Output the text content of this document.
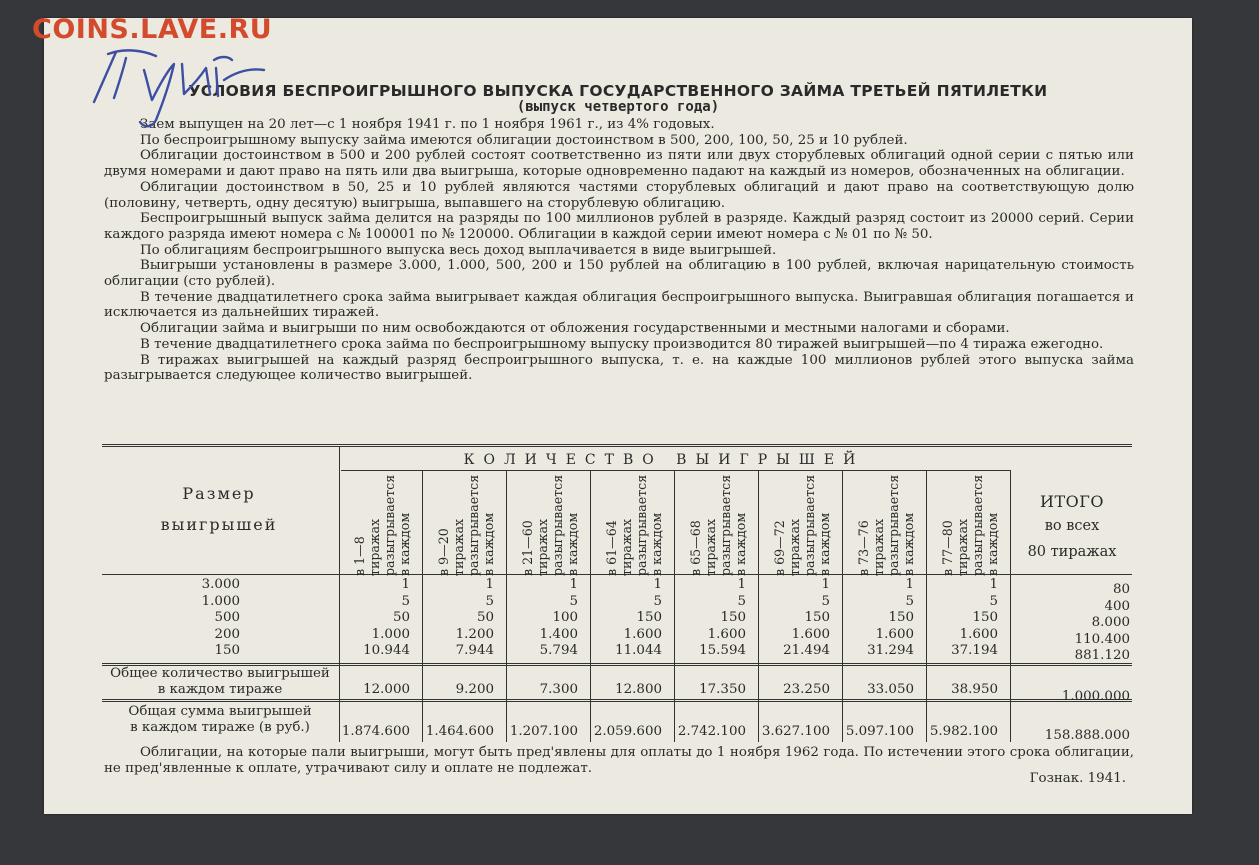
COINS.LAVE.RU
УСЛОВИЯ БЕСПРОИГРЫШНОГО ВЫПУСКА ГОСУДАРСТВЕННОГО ЗАЙМА ТРЕТЬЕЙ ПЯТИЛЕТКИ
(выпуск четвертого года)

Заем выпущен на 20 лет—с 1 ноября 1941 г. по 1 ноября 1961 г., из 4% годовых.

По беспроигрышному выпуску займа имеются облигации достоинством в 500, 200, 100, 50, 25 и 10 рублей.

Облигации достоинством в 500 и 200 рублей состоят соответственно из пяти или двух сторублевых облигаций одной серии с пятью или двумя номерами и дают право на пять или два выигрыша, которые одновременно падают на каждый из номеров, обозначенных на облигации.

Облигации достоинством в 50, 25 и 10 рублей являются частями сторублевых облигаций и дают право на соответствующую долю (половину, четверть, одну десятую) выигрыша, выпавшего на сторублевую облигацию.

Беспроигрышный выпуск займа делится на разряды по 100 миллионов рублей в разряде. Каждый разряд состоит из 20000 серий. Серии каждого разряда имеют номера с № 100001 по № 120000. Облигации в каждой серии имеют номера с № 01 по № 50.

По облигациям беспроигрышного выпуска весь доход выплачивается в виде выигрышей.

Выигрыши установлены в размере 3.000, 1.000, 500, 200 и 150 рублей на облигацию в 100 рублей, включая нарицательную стоимость облигации (сто рублей).

В течение двадцатилетнего срока займа выигрывает каждая облигация беспроигрышного выпуска. Выигравшая облигация погашается и исключается из дальнейших тиражей.

Облигации займа и выигрыши по ним освобождаются от обложения государственными и местными налогами и сборами.

В течение двадцатилетнего срока займа по беспроигрышному выпуску производится 80 тиражей выигрышей—по 4 тиража ежегодно.

В тиражах выигрышей на каждый разряд беспроигрышного выпуска, т. е. на каждые 100 миллионов рублей этого выпуска займа разыгрывается следующее количество выигрышей.

Размер
выигрышей
КОЛИЧЕСТВО ВЫИГРЫШЕЙ
в 1—8 тиражах разыгрывается в каждом в 9—20 тиражах разыгрывается в каждом в 21—60 тиражах разыгрывается в каждом в 61—64 тиражах разыгрывается в каждом в 65—68 тиражах разыгрывается в каждом в 69—72 тиражах разыгрывается в каждом в 73—76 тиражах разыгрывается в каждом в 77—80 тиражах разыгрывается в каждом
ИТОГО
во всех
80 тиражах
3.000	1	1	1	1	1	1	1	1	80
1.000	5	5	5	5	5	5	5	5	400
500	50	50	100	150	150	150	150	150	8.000
200	1.000	1.200	1.400	1.600	1.600	1.600	1.600	1.600	110.400
150	10.944	7.944	5.794	11.044	15.594	21.494	31.294	37.194	881.120
Общее количество выигрышей
в каждом тираже	12.000	9.200	7.300	12.800	17.350	23.250	33.050	38.950	1.000.000
Общая сумма выигрышей
в каждом тираже (в руб.)	1.874.600	1.464.600	1.207.100	2.059.600	2.742.100	3.627.100	5.097.100	5.982.100	158.888.000

Облигации, на которые пали выигрыши, могут быть пред'явлены для оплаты до 1 ноября 1962 года. По истечении этого срока облигации, не пред'явленные к оплате, утрачивают силу и оплате не подлежат.

Гознак. 1941.
